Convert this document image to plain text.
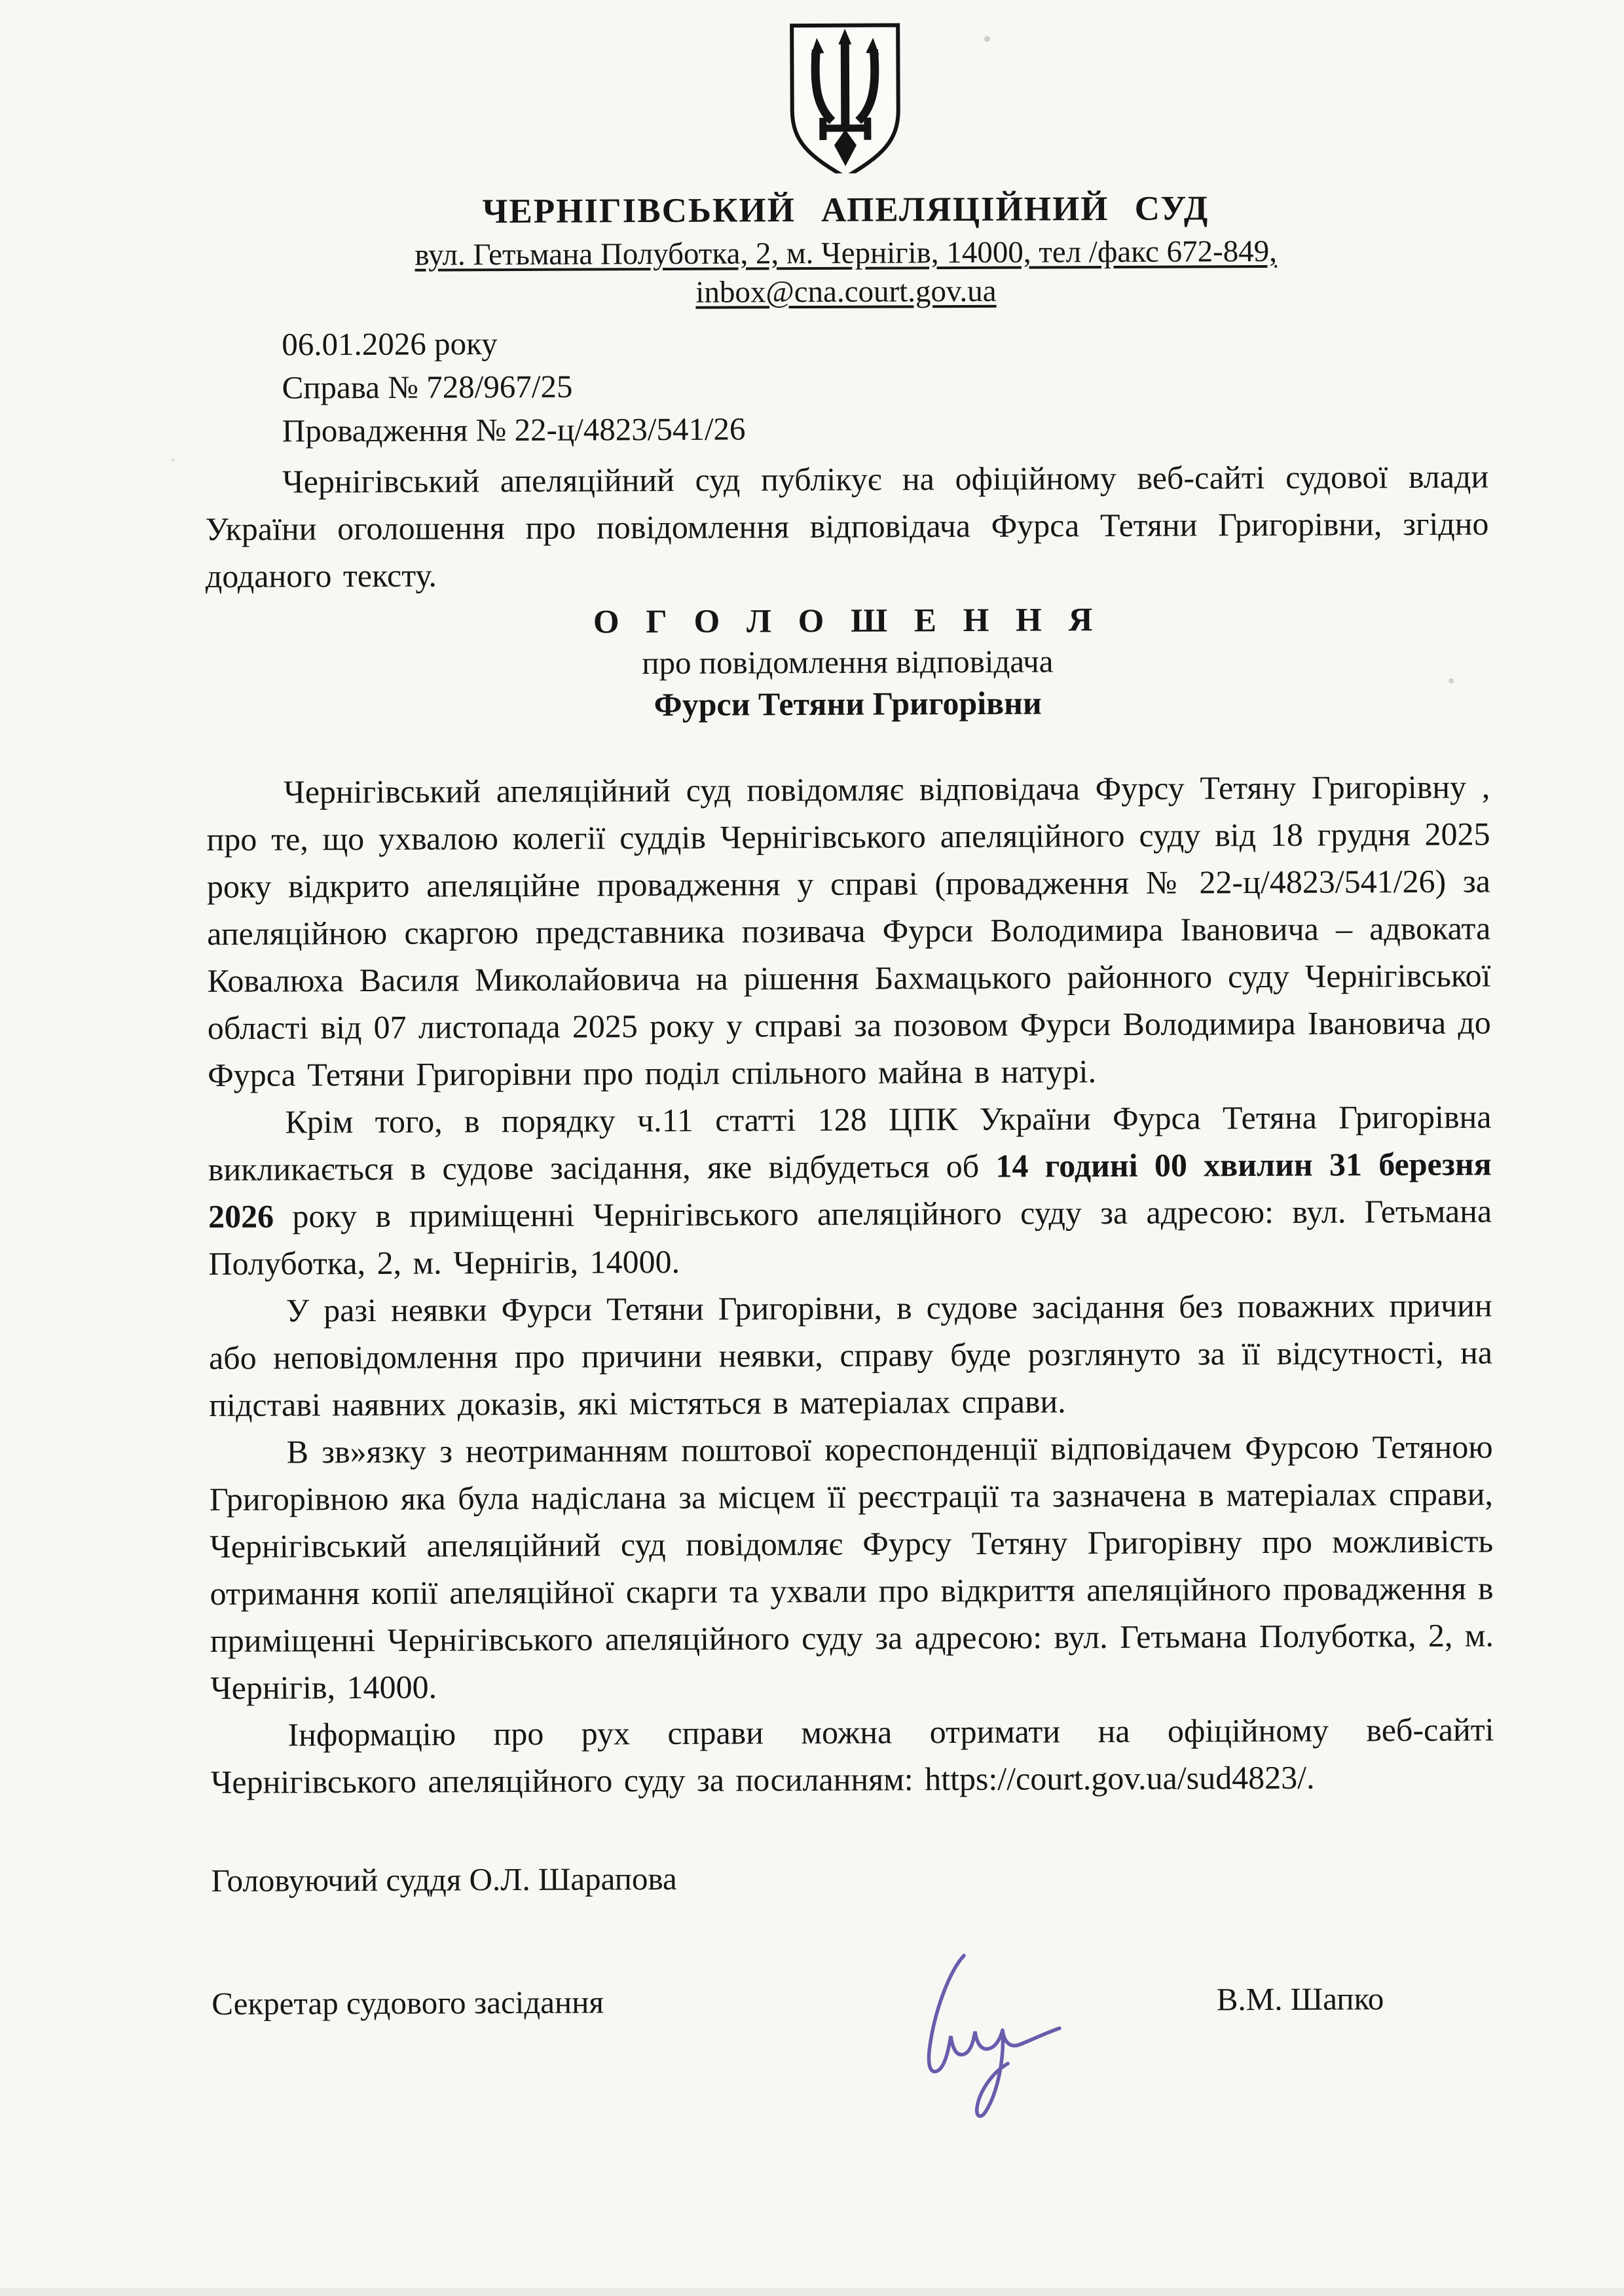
ЧЕРНІГІВСЬКИЙ АПЕЛЯЦІЙНИЙ СУД
вул. Гетьмана Полуботка, 2, м. Чернігів, 14000, тел /факс 672-849,
inbox@cna.court.gov.ua
06.01.2026 року
Справа № 728/967/25
Провадження № 22-ц/4823/541/26

Чернігівський апеляційний суд публікує на офіційному веб-сайті судової влади України оголошення про повідомлення відповідача Фурса Тетяни Григорівни, згідно доданого тексту.

О Г О Л О Ш Е Н Н Я
про повідомлення відповідача
Фурси Тетяни Григорівни

Чернігівський апеляційний суд повідомляє відповідача Фурсу Тетяну Григорівну , про те, що ухвалою колегії суддів Чернігівського апеляційного суду від 18 грудня 2025 року відкрито апеляційне провадження у справі (провадження № 22-ц/4823/541/26) за апеляційною скаргою представника позивача Фурси Володимира Івановича – адвоката Ковалюха Василя Миколайовича на рішення Бахмацького районного суду Чернігівської області від 07 листопада 2025 року у справі за позовом Фурси Володимира Івановича до Фурса Тетяни Григорівни про поділ спільного майна в натурі.

Крім того, в порядку ч.11 статті 128 ЦПК України Фурса Тетяна Григорівна викликається в судове засідання, яке відбудеться об 14 годині 00 хвилин 31 березня 2026 року в приміщенні Чернігівського апеляційного суду за адресою: вул. Гетьмана Полуботка, 2, м. Чернігів, 14000.

У разі неявки Фурси Тетяни Григорівни, в судове засідання без поважних причин або неповідомлення про причини неявки, справу буде розглянуто за її відсутності, на підставі наявних доказів, які містяться в матеріалах справи.

В зв»язку з неотриманням поштової кореспонденції відповідачем Фурсою Тетяною Григорівною яка була надіслана за місцем її реєстрації та зазначена в матеріалах справи, Чернігівський апеляційний суд повідомляє Фурсу Тетяну Григорівну про можливість отримання копії апеляційної скарги та ухвали про відкриття апеляційного провадження в приміщенні Чернігівського апеляційного суду за адресою: вул. Гетьмана Полуботка, 2, м. Чернігів, 14000.

Інформацію про рух справи можна отримати на офіційному веб-сайті Чернігівського апеляційного суду за посиланням: https://court.gov.ua/sud4823/.

Головуючий суддя О.Л. Шарапова
Секретар судового засідання	В.М. Шапко
